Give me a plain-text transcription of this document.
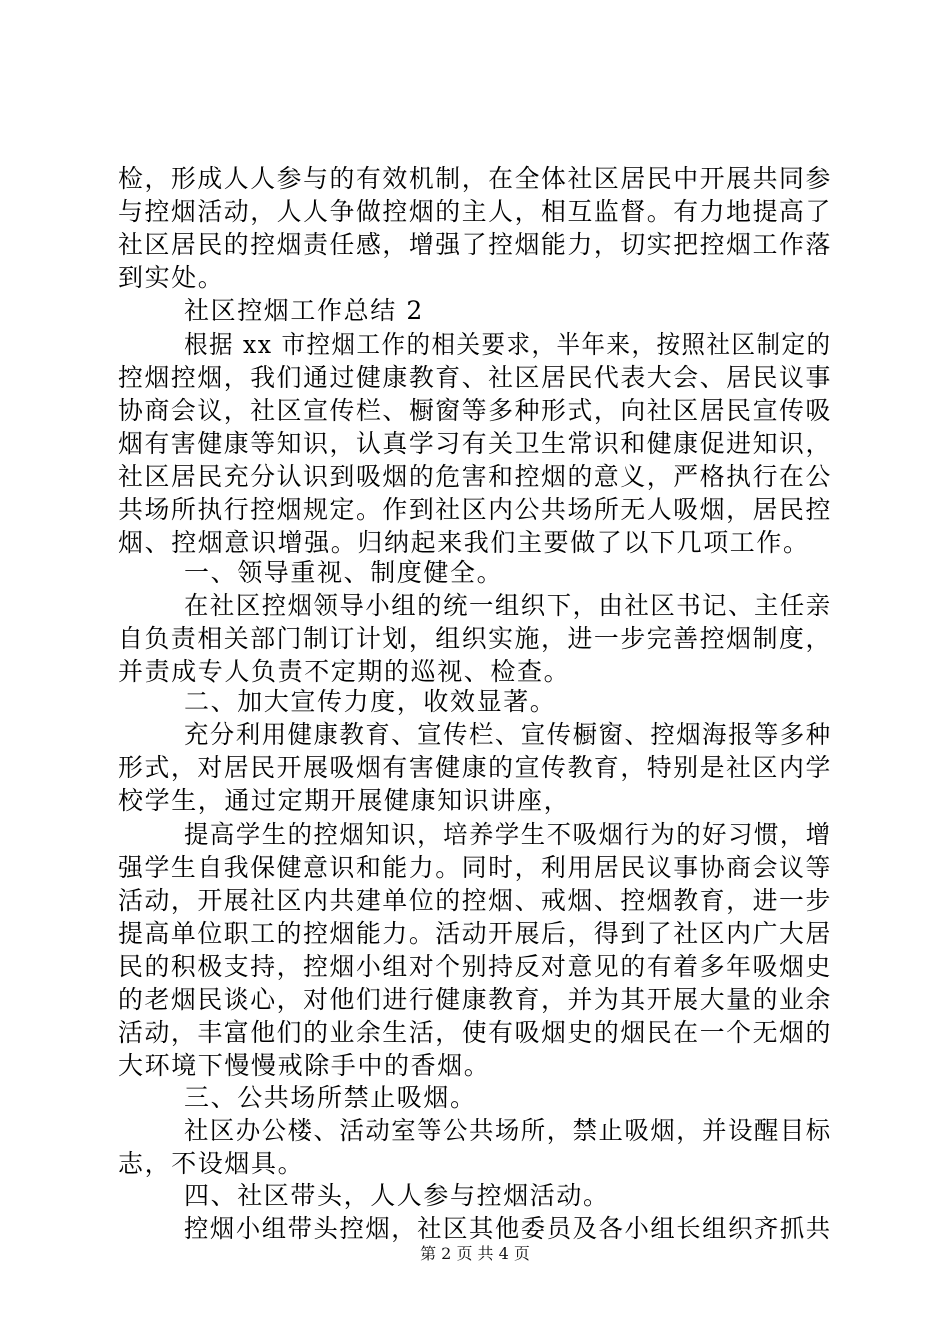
检，形成人人参与的有效机制，在全体社区居民中开展共同参
与控烟活动，人人争做控烟的主人，相互监督。有力地提高了
社区居民的控烟责任感，增强了控烟能力，切实把控烟工作落
到实处。
社区控烟工作总结 2
根据 xx 市控烟工作的相关要求，半年来，按照社区制定的
控烟控烟，我们通过健康教育、社区居民代表大会、居民议事
协商会议，社区宣传栏、橱窗等多种形式，向社区居民宣传吸
烟有害健康等知识，认真学习有关卫生常识和健康促进知识，
社区居民充分认识到吸烟的危害和控烟的意义，严格执行在公
共场所执行控烟规定。作到社区内公共场所无人吸烟，居民控
烟、控烟意识增强。归纳起来我们主要做了以下几项工作。
一、领导重视、制度健全。
在社区控烟领导小组的统一组织下，由社区书记、主任亲
自负责相关部门制订计划，组织实施，进一步完善控烟制度，
并责成专人负责不定期的巡视、检查。
二、加大宣传力度，收效显著。
充分利用健康教育、宣传栏、宣传橱窗、控烟海报等多种
形式，对居民开展吸烟有害健康的宣传教育，特别是社区内学
校学生，通过定期开展健康知识讲座，
提高学生的控烟知识，培养学生不吸烟行为的好习惯，增
强学生自我保健意识和能力。同时，利用居民议事协商会议等
活动，开展社区内共建单位的控烟、戒烟、控烟教育，进一步
提高单位职工的控烟能力。活动开展后，得到了社区内广大居
民的积极支持，控烟小组对个别持反对意见的有着多年吸烟史
的老烟民谈心，对他们进行健康教育，并为其开展大量的业余
活动，丰富他们的业余生活，使有吸烟史的烟民在一个无烟的
大环境下慢慢戒除手中的香烟。
三、公共场所禁止吸烟。
社区办公楼、活动室等公共场所，禁止吸烟，并设醒目标
志，不设烟具。
四、社区带头，人人参与控烟活动。
控烟小组带头控烟，社区其他委员及各小组长组织齐抓共
第 2 页 共 4 页
